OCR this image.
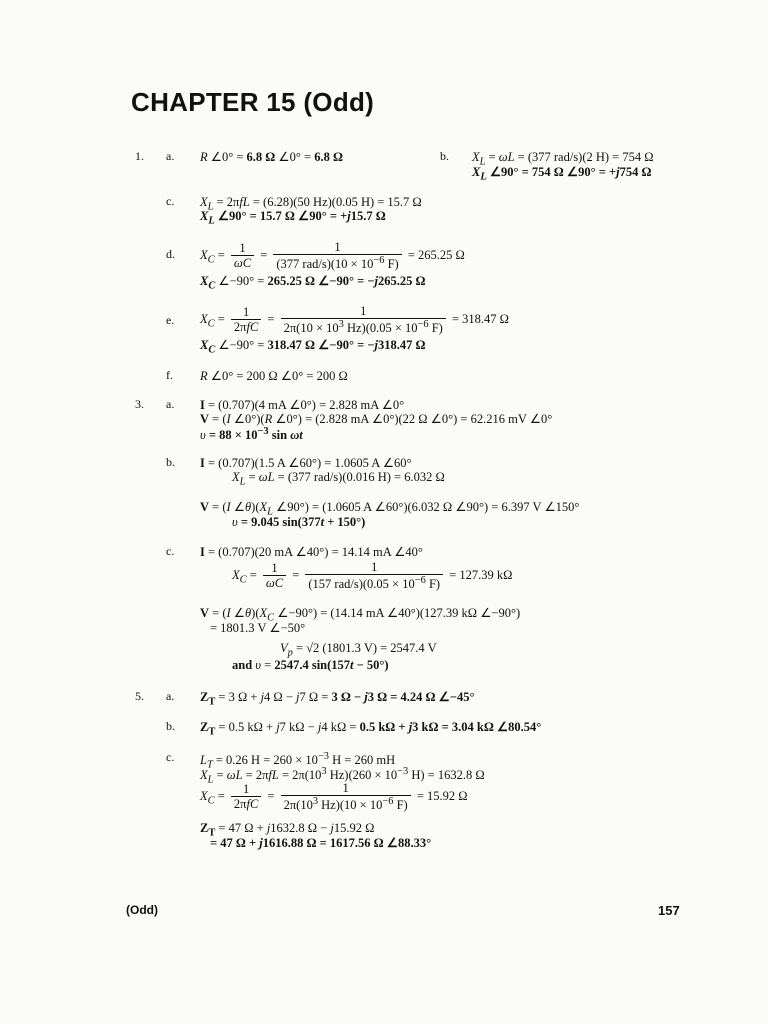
CHAPTER 15 (Odd)
1. a. R ∠0° = 6.8 Ω ∠0° = 6.8 Ω	b. $X_L = \omega L = (377$ rad/s)(2 H) = 754 Ω
$X_L$ ∠90° = 754 Ω ∠90° = +j754 Ω
c. $X_L = 2\pi fL = (6.28)(50$ Hz)(0.05 H) = 15.7 Ω
$X_L$ ∠90° = 15.7 Ω ∠90° = +j15.7 Ω
d. $X_C = \frac{1}{\omega C} = \frac{1}{(377 rad/s)(10 \times 10^{-6} F)} = 265.25$ Ω
$X_C$ ∠−90° = 265.25 Ω ∠−90° = −j265.25 Ω
e. $X_C = \frac{1}{\text{2πfC}} = \frac{1}{2\pi(10 \times 10^3 Hz)(0.05 \times 10^{-6} F)} = 318.47$ Ω
$X_C$ ∠−90° = 318.47 Ω ∠−90° = −j318.47 Ω
f. R ∠0° = 200 Ω ∠0° = 200 Ω
3. a. I = (0.707)(4 mA ∠0°) = 2.828 mA ∠0°
V = (I ∠0°)(R ∠0°) = (2.828 mA ∠0°)(22 Ω ∠0°) = 62.216 mV ∠0°
$\upsilon = 88 \times 10^{-3}$ sin ωt
b. I = (0.707)(1.5 A ∠60°) = 1.0605 A ∠60°
$X_L = \omega L = (377$ rad/s)(0.016 H) = 6.032 Ω
V = (I $\angle\theta)(X_L$ ∠90°) = (1.0605 A ∠60°)(6.032 Ω ∠90°) = 6.397 V ∠150°
υ = 9.045 sin(377t + 150°)
c. I = (0.707)(20 mA ∠40°) = 14.14 mA ∠40°
$X_C = \frac{1}{\omega C} = \frac{1}{(157 rad/s)(0.05 \times 10^{-6} F)} = 127.39$ kΩ
V = (I $\angle\theta)(X_C$ ∠−90°) = (14.14 mA ∠40°)(127.39 kΩ ∠−90°)
= 1801.3 V ∠−50°
$V_p = √2$ (1801.3 V) = 2547.4 V
and υ = 2547.4 sin(157t − 50°)
5. a. $Z_T = 3$ Ω + j4 Ω − j7 Ω = 3 Ω − j3 Ω = 4.24 Ω ∠−45°
b. $Z_T = 0.5$ kΩ + j7 kΩ − j4 kΩ = 0.5 kΩ + j3 kΩ = 3.04 kΩ ∠80.54°
c. $L_T = 0.26$ $H = 260 \times 10^{-3}$ H = 260 mH
$X_L = \omega L = 2\pi fL = 2\pi(10^3$ $Hz)(260 \times 10^{-3}$ H) = 1632.8 Ω
$X_C = \frac{1}{\text{2πfC}} = \frac{1}{2\pi(10^3 Hz)(10 \times 10^{-6} F)} = 15.92$ Ω
$Z_T = 47$ Ω + j1632.8 Ω − j15.92 Ω
= 47 Ω + j1616.88 Ω = 1617.56 Ω ∠88.33°
(Odd)	157
